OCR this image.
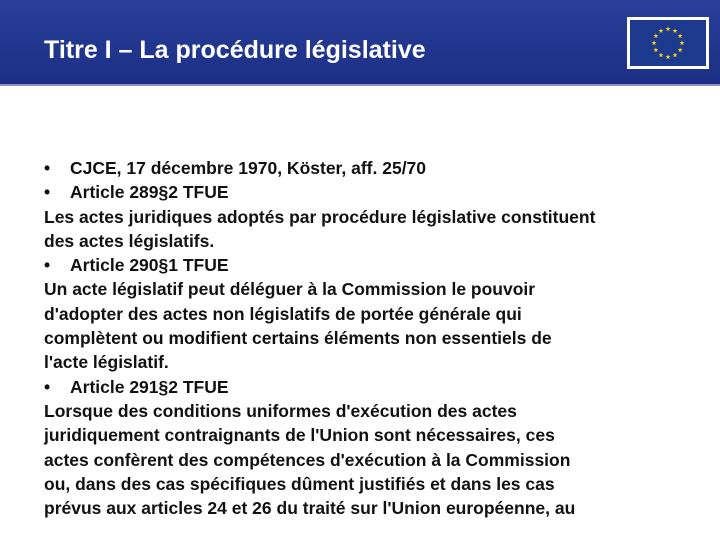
Titre I – La procédure législative
• CJCE, 17 décembre 1970, Köster, aff. 25/70
• Article 289§2 TFUE
Les actes juridiques adoptés par procédure législative constituent
des actes législatifs.
• Article 290§1 TFUE
Un acte législatif peut déléguer à la Commission le pouvoir
d'adopter des actes non législatifs de portée générale qui
complètent ou modifient certains éléments non essentiels de
l'acte législatif.
• Article 291§2 TFUE
Lorsque des conditions uniformes d'exécution des actes
juridiquement contraignants de l'Union sont nécessaires, ces
actes confèrent des compétences d'exécution à la Commission
ou, dans des cas spécifiques dûment justifiés et dans les cas
prévus aux articles 24 et 26 du traité sur l'Union européenne, au
